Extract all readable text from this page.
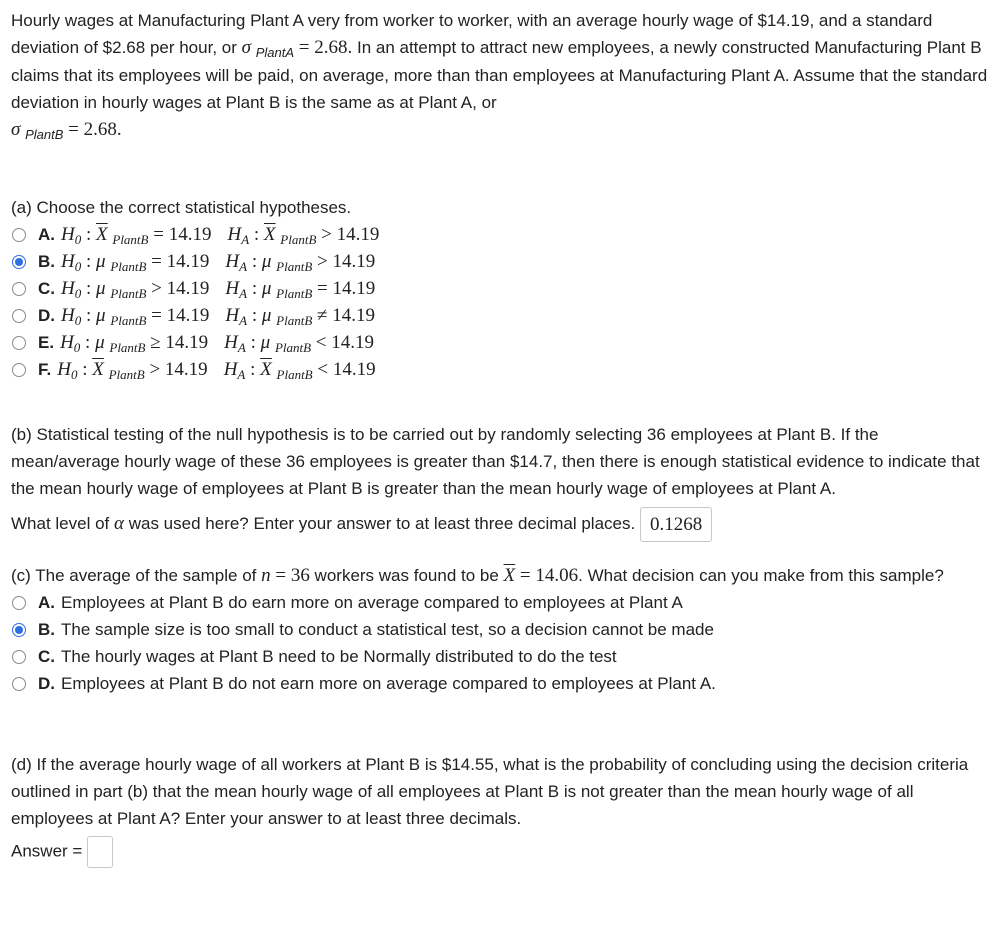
Hourly wages at Manufacturing Plant A very from worker to worker, with an average hourly wage of $14.19, and a standard deviation of $2.68 per hour, or σ $_{PlantA}$ = 2.68. In an attempt to attract new employees, a newly constructed Manufacturing Plant B claims that its employees will be paid, on average, more than than employees at Manufacturing Plant A. Assume that the standard deviation in hourly wages at Plant B is the same as at Plant A, or
σ $_{PlantB}$ = 2.68.

(a) Choose the correct statistical hypotheses.

A. $H_0$ : $\overline{X}$ $_{PlantB}$ = 14.19 $H_A$ : $\overline{X}$ $_{PlantB}$ > 14.19
B. $H_0$ : μ $_{PlantB}$ = 14.19 $H_A$ : μ $_{PlantB}$ > 14.19
C. $H_0$ : μ $_{PlantB}$ > 14.19 $H_A$ : μ $_{PlantB}$ = 14.19
D. $H_0$ : μ $_{PlantB}$ = 14.19 $H_A$ : μ $_{PlantB}$ ≠ 14.19
E. $H_0$ : μ $_{PlantB}$ ≥ 14.19 $H_A$ : μ $_{PlantB}$ < 14.19
F. $H_0$ : $\overline{X}$ $_{PlantB}$ > 14.19 $H_A$ : $\overline{X}$ $_{PlantB}$ < 14.19

(b) Statistical testing of the null hypothesis is to be carried out by randomly selecting 36 employees at Plant B. If the mean/average hourly wage of these 36 employees is greater than $14.7, then there is enough statistical evidence to indicate that the mean hourly wage of employees at Plant B is greater than the mean hourly wage of employees at Plant A.

What level of α was used here? Enter your answer to at least three decimal places. 0.1268

(c) The average of the sample of n = 36 workers was found to be $\overline{X} = 14.06$. What decision can you make from this sample?

A. Employees at Plant B do earn more on average compared to employees at Plant A
B. The sample size is too small to conduct a statistical test, so a decision cannot be made
C. The hourly wages at Plant B need to be Normally distributed to do the test
D. Employees at Plant B do not earn more on average compared to employees at Plant A.

(d) If the average hourly wage of all workers at Plant B is $14.55, what is the probability of concluding using the decision criteria outlined in part (b) that the mean hourly wage of all employees at Plant B is not greater than the mean hourly wage of all employees at Plant A? Enter your answer to at least three decimals.

Answer =
